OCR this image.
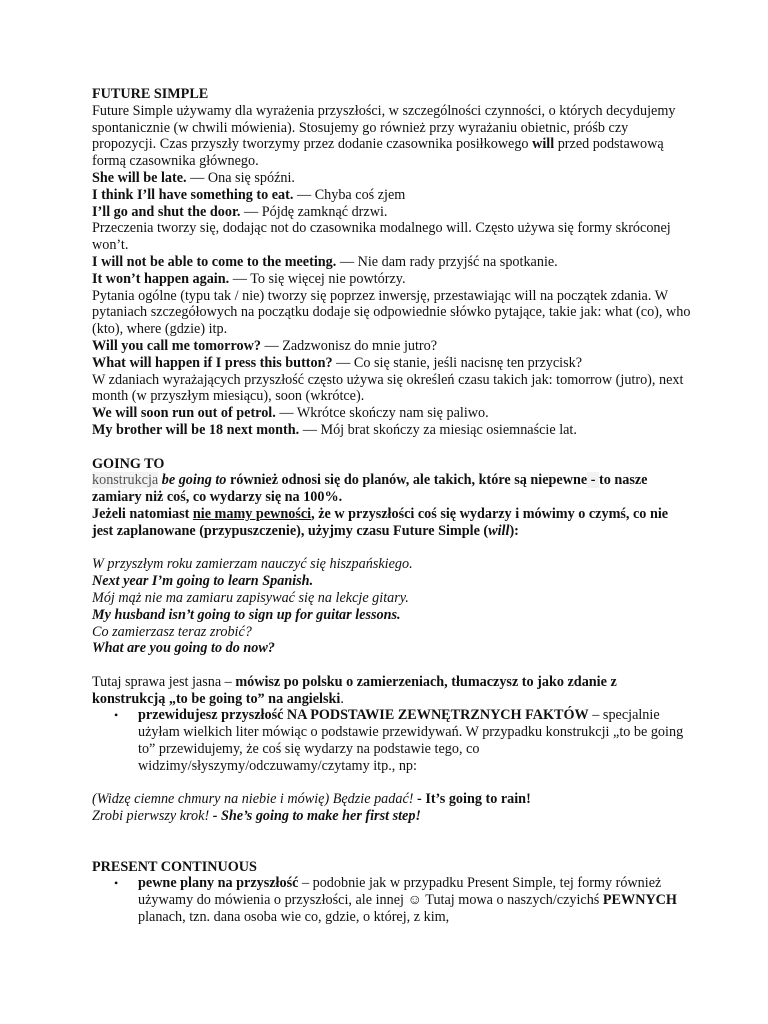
FUTURE SIMPLE

Future Simple używamy dla wyrażenia przyszłości, w szczególności czynności, o których decydujemy spontanicznie (w chwili mówienia). Stosujemy go również przy wyrażaniu obietnic, próśb czy propozycji. Czas przyszły tworzymy przez dodanie czasownika posiłkowego will przed podstawową formą czasownika głównego.

She will be late. — Ona się spóźni.

I think I’ll have something to eat. — Chyba coś zjem

I’ll go and shut the door. — Pójdę zamknąć drzwi.

Przeczenia tworzy się, dodając not do czasownika modalnego will. Często używa się formy skróconej won’t.

I will not be able to come to the meeting. — Nie dam rady przyjść na spotkanie.

It won’t happen again. — To się więcej nie powtórzy.

Pytania ogólne (typu tak / nie) tworzy się poprzez inwersję, przestawiając will na początek zdania. W pytaniach szczegółowych na początku dodaje się odpowiednie słówko pytające, takie jak: what (co), who (kto), where (gdzie) itp.

Will you call me tomorrow? — Zadzwonisz do mnie jutro?

What will happen if I press this button? — Co się stanie, jeśli nacisnę ten przycisk?

W zdaniach wyrażających przyszłość często używa się określeń czasu takich jak: tomorrow (jutro), next month (w przyszłym miesiącu), soon (wkrótce).

We will soon run out of petrol. — Wkrótce skończy nam się paliwo.

My brother will be 18 next month. — Mój brat skończy za miesiąc osiemnaście lat.

GOING TO

konstrukcja be going to również odnosi się do planów, ale takich, które są niepewne - to nasze zamiary niż coś, co wydarzy się na 100%.

Jeżeli natomiast nie mamy pewności, że w przyszłości coś się wydarzy i mówimy o czymś, co nie jest zaplanowane (przypuszczenie), użyjmy czasu Future Simple (will):

W przyszłym roku zamierzam nauczyć się hiszpańskiego.

Next year I’m going to learn Spanish.

Mój mąż nie ma zamiaru zapisywać się na lekcje gitary.

My husband isn’t going to sign up for guitar lessons.

Co zamierzasz teraz zrobić?

What are you going to do now?

Tutaj sprawa jest jasna – mówisz po polsku o zamierzeniach, tłumaczysz to jako zdanie z konstrukcją „to be going to” na angielski.

• przewidujesz przyszłość NA PODSTAWIE ZEWNĘTRZNYCH FAKTÓW – specjalnie użyłam wielkich liter mówiąc o podstawie przewidywań. W przypadku konstrukcji „to be going to” przewidujemy, że coś się wydarzy na podstawie tego, co widzimy/słyszymy/odczuwamy/czytamy itp., np:

(Widzę ciemne chmury na niebie i mówię) Będzie padać! - It’s going to rain!

Zrobi pierwszy krok! - She’s going to make her first step!

PRESENT CONTINUOUS

• pewne plany na przyszłość – podobnie jak w przypadku Present Simple, tej formy również używamy do mówienia o przyszłości, ale innej ☺ Tutaj mowa o naszych/czyichś PEWNYCH planach, tzn. dana osoba wie co, gdzie, o której, z kim,
